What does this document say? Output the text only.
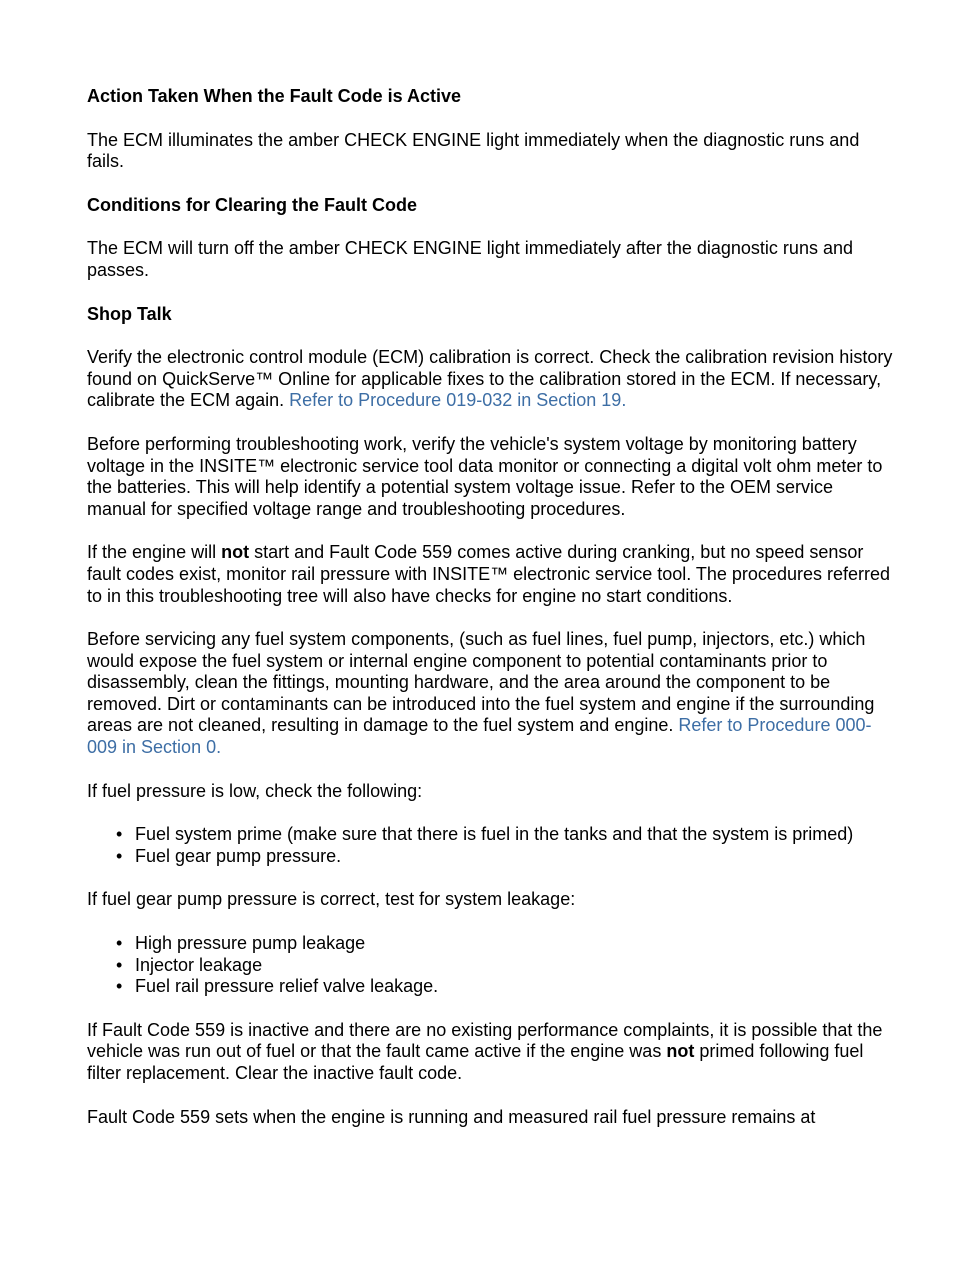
Action Taken When the Fault Code is Active
The ECM illuminates the amber CHECK ENGINE light immediately when the diagnostic runs and fails.
Conditions for Clearing the Fault Code
The ECM will turn off the amber CHECK ENGINE light immediately after the diagnostic runs and passes.
Shop Talk
Verify the electronic control module (ECM) calibration is correct. Check the calibration revision history found on QuickServe™ Online for applicable fixes to the calibration stored in the ECM. If necessary, calibrate the ECM again. Refer to Procedure 019-032 in Section 19.
Before performing troubleshooting work, verify the vehicle's system voltage by monitoring battery voltage in the INSITE™ electronic service tool data monitor or connecting a digital volt ohm meter to the batteries. This will help identify a potential system voltage issue. Refer to the OEM service manual for specified voltage range and troubleshooting procedures.
If the engine will not start and Fault Code 559 comes active during cranking, but no speed sensor fault codes exist, monitor rail pressure with INSITE™ electronic service tool. The procedures referred to in this troubleshooting tree will also have checks for engine no start conditions.
Before servicing any fuel system components, (such as fuel lines, fuel pump, injectors, etc.) which would expose the fuel system or internal engine component to potential contaminants prior to disassembly, clean the fittings, mounting hardware, and the area around the component to be removed. Dirt or contaminants can be introduced into the fuel system and engine if the surrounding areas are not cleaned, resulting in damage to the fuel system and engine. Refer to Procedure 000-009 in Section 0.
If fuel pressure is low, check the following:
• Fuel system prime (make sure that there is fuel in the tanks and that the system is primed)
• Fuel gear pump pressure.
If fuel gear pump pressure is correct, test for system leakage:
• High pressure pump leakage
• Injector leakage
• Fuel rail pressure relief valve leakage.
If Fault Code 559 is inactive and there are no existing performance complaints, it is possible that the vehicle was run out of fuel or that the fault came active if the engine was not primed following fuel filter replacement. Clear the inactive fault code.
Fault Code 559 sets when the engine is running and measured rail fuel pressure remains at
